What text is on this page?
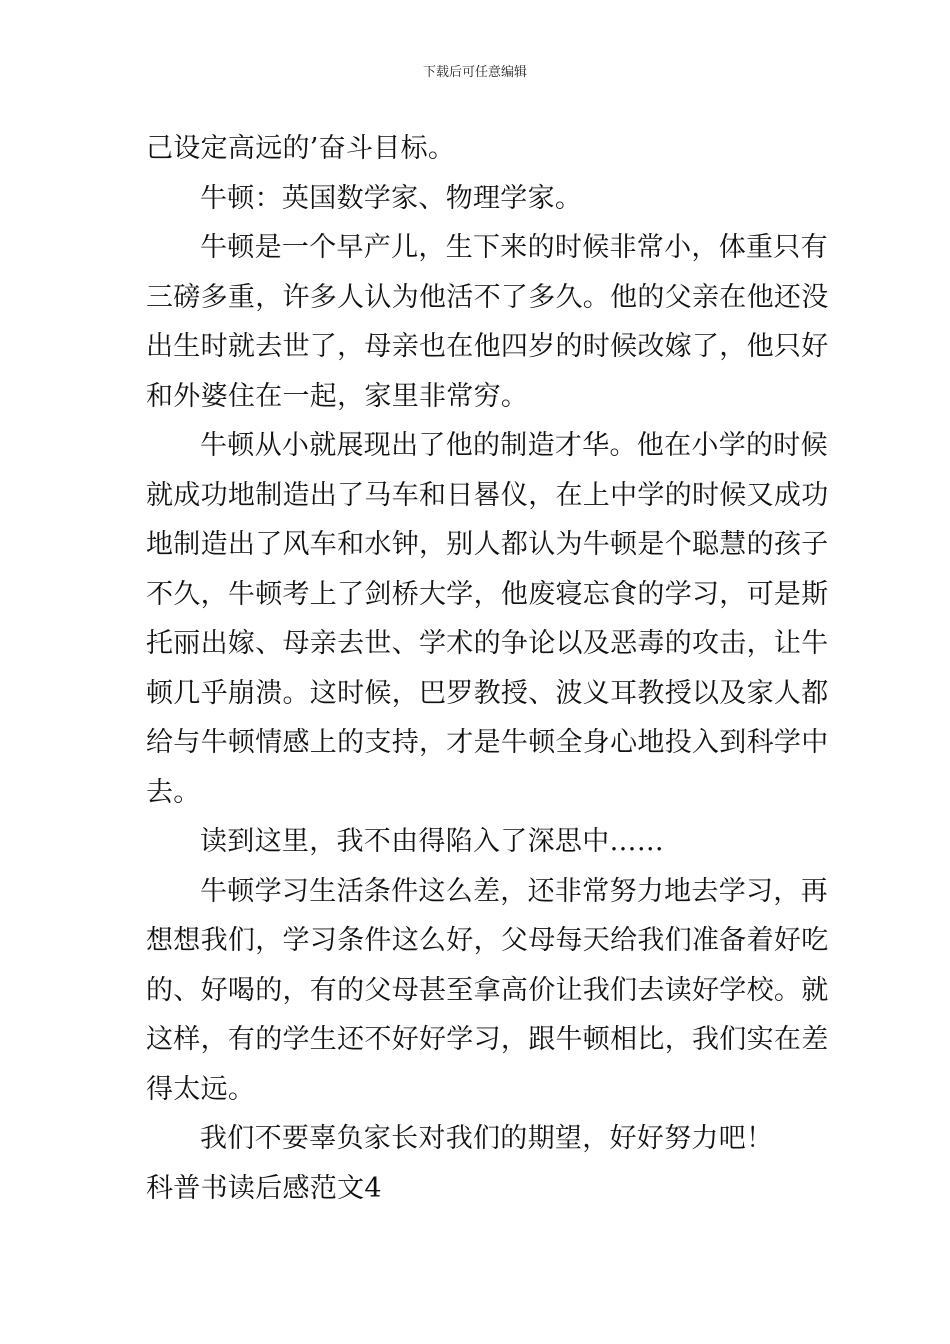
下载后可任意编辑
己设定高远的’奋斗目标。
牛顿：英国数学家、物理学家。
牛顿是一个早产儿，生下来的时候非常小，体重只有
三磅多重，许多人认为他活不了多久。他的父亲在他还没
出生时就去世了，母亲也在他四岁的时候改嫁了，他只好
和外婆住在一起，家里非常穷。
牛顿从小就展现出了他的制造才华。他在小学的时候
就成功地制造出了马车和日晷仪，在上中学的时候又成功
地制造出了风车和水钟，别人都认为牛顿是个聪慧的孩子
不久，牛顿考上了剑桥大学，他废寝忘食的学习，可是斯
托丽出嫁、母亲去世、学术的争论以及恶毒的攻击，让牛
顿几乎崩溃。这时候，巴罗教授、波义耳教授以及家人都
给与牛顿情感上的支持，才是牛顿全身心地投入到科学中
去。
读到这里，我不由得陷入了深思中……
牛顿学习生活条件这么差，还非常努力地去学习，再
想想我们，学习条件这么好，父母每天给我们准备着好吃
的、好喝的，有的父母甚至拿高价让我们去读好学校。就
这样，有的学生还不好好学习，跟牛顿相比，我们实在差
得太远。
我们不要辜负家长对我们的期望，好好努力吧！
科普书读后感范文4
